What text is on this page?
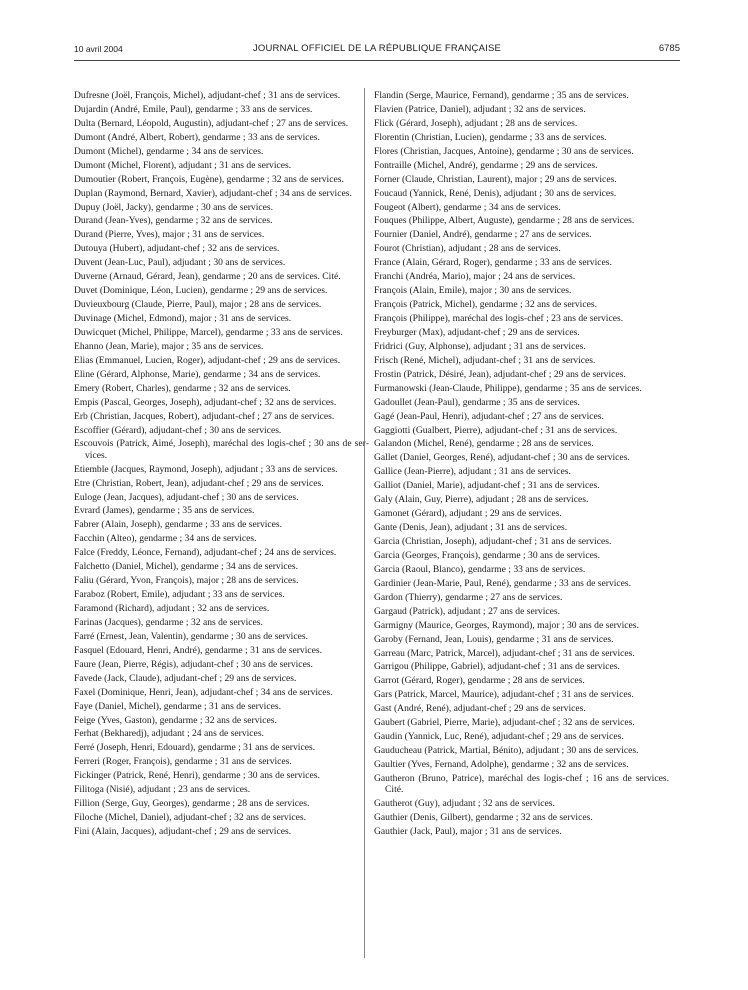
10 avril 2004	JOURNAL OFFICIEL DE LA RÉPUBLIQUE FRANÇAISE	6785
Dufresne (Joël, François, Michel), adjudant-chef ; 31 ans de services.
Dujardin (André, Emile, Paul), gendarme ; 33 ans de services.
Dulta (Bernard, Léopold, Augustin), adjudant-chef ; 27 ans de services.
Dumont (André, Albert, Robert), gendarme ; 33 ans de services.
Dumont (Michel), gendarme ; 34 ans de services.
Dumont (Michel, Florent), adjudant ; 31 ans de services.
Dumoutier (Robert, François, Eugène), gendarme ; 32 ans de services.
Duplan (Raymond, Bernard, Xavier), adjudant-chef ; 34 ans de services.
Dupuy (Joël, Jacky), gendarme ; 30 ans de services.
Durand (Jean-Yves), gendarme ; 32 ans de services.
Durand (Pierre, Yves), major ; 31 ans de services.
Dutouya (Hubert), adjudant-chef ; 32 ans de services.
Duvent (Jean-Luc, Paul), adjudant ; 30 ans de services.
Duverne (Arnaud, Gérard, Jean), gendarme ; 20 ans de services. Cité.
Duvet (Dominique, Léon, Lucien), gendarme ; 29 ans de services.
Duvieuxbourg (Claude, Pierre, Paul), major ; 28 ans de services.
Duvinage (Michel, Edmond), major ; 31 ans de services.
Duwicquet (Michel, Philippe, Marcel), gendarme ; 33 ans de services.
Ehanno (Jean, Marie), major ; 35 ans de services.
Elias (Emmanuel, Lucien, Roger), adjudant-chef ; 29 ans de services.
Eline (Gérard, Alphonse, Marie), gendarme ; 34 ans de services.
Emery (Robert, Charles), gendarme ; 32 ans de services.
Empis (Pascal, Georges, Joseph), adjudant-chef ; 32 ans de services.
Erb (Christian, Jacques, Robert), adjudant-chef ; 27 ans de services.
Escoffier (Gérard), adjudant-chef ; 30 ans de services.
Escouvois (Patrick, Aimé, Joseph), maréchal des logis-chef ; 30 ans de services.
Etiemble (Jacques, Raymond, Joseph), adjudant ; 33 ans de services.
Etre (Christian, Robert, Jean), adjudant-chef ; 29 ans de services.
Euloge (Jean, Jacques), adjudant-chef ; 30 ans de services.
Evrard (James), gendarme ; 35 ans de services.
Fabrer (Alain, Joseph), gendarme ; 33 ans de services.
Facchin (Alteo), gendarme ; 34 ans de services.
Falce (Freddy, Léonce, Fernand), adjudant-chef ; 24 ans de services.
Falchetto (Daniel, Michel), gendarme ; 34 ans de services.
Faliu (Gérard, Yvon, François), major ; 28 ans de services.
Faraboz (Robert, Emile), adjudant ; 33 ans de services.
Faramond (Richard), adjudant ; 32 ans de services.
Farinas (Jacques), gendarme ; 32 ans de services.
Farré (Ernest, Jean, Valentin), gendarme ; 30 ans de services.
Fasquel (Edouard, Henri, André), gendarme ; 31 ans de services.
Faure (Jean, Pierre, Régis), adjudant-chef ; 30 ans de services.
Favede (Jack, Claude), adjudant-chef ; 29 ans de services.
Faxel (Dominique, Henri, Jean), adjudant-chef ; 34 ans de services.
Faye (Daniel, Michel), gendarme ; 31 ans de services.
Feige (Yves, Gaston), gendarme ; 32 ans de services.
Ferhat (Bekharedj), adjudant ; 24 ans de services.
Ferré (Joseph, Henri, Edouard), gendarme ; 31 ans de services.
Ferreri (Roger, François), gendarme ; 31 ans de services.
Fickinger (Patrick, René, Henri), gendarme ; 30 ans de services.
Filitoga (Nisié), adjudant ; 23 ans de services.
Fillion (Serge, Guy, Georges), gendarme ; 28 ans de services.
Filoche (Michel, Daniel), adjudant-chef ; 32 ans de services.
Fini (Alain, Jacques), adjudant-chef ; 29 ans de services.
Flandin (Serge, Maurice, Fernand), gendarme ; 35 ans de services.
Flavien (Patrice, Daniel), adjudant ; 32 ans de services.
Flick (Gérard, Joseph), adjudant ; 28 ans de services.
Florentin (Christian, Lucien), gendarme ; 33 ans de services.
Flores (Christian, Jacques, Antoine), gendarme ; 30 ans de services.
Fontraille (Michel, André), gendarme ; 29 ans de services.
Forner (Claude, Christian, Laurent), major ; 29 ans de services.
Foucaud (Yannick, René, Denis), adjudant ; 30 ans de services.
Fougeot (Albert), gendarme ; 34 ans de services.
Fouques (Philippe, Albert, Auguste), gendarme ; 28 ans de services.
Fournier (Daniel, André), gendarme ; 27 ans de services.
Fourot (Christian), adjudant ; 28 ans de services.
France (Alain, Gérard, Roger), gendarme ; 33 ans de services.
Franchi (Andréa, Mario), major ; 24 ans de services.
François (Alain, Emile), major ; 30 ans de services.
François (Patrick, Michel), gendarme ; 32 ans de services.
François (Philippe), maréchal des logis-chef ; 23 ans de services.
Freyburger (Max), adjudant-chef ; 29 ans de services.
Fridrici (Guy, Alphonse), adjudant ; 31 ans de services.
Frisch (René, Michel), adjudant-chef ; 31 ans de services.
Frostin (Patrick, Désiré, Jean), adjudant-chef ; 29 ans de services.
Furmanowski (Jean-Claude, Philippe), gendarme ; 35 ans de services.
Gadoullet (Jean-Paul), gendarme ; 35 ans de services.
Gagé (Jean-Paul, Henri), adjudant-chef ; 27 ans de services.
Gaggiotti (Gualbert, Pierre), adjudant-chef ; 31 ans de services.
Galandon (Michel, René), gendarme ; 28 ans de services.
Gallet (Daniel, Georges, René), adjudant-chef ; 30 ans de services.
Gallice (Jean-Pierre), adjudant ; 31 ans de services.
Galliot (Daniel, Marie), adjudant-chef ; 31 ans de services.
Galy (Alain, Guy, Pierre), adjudant ; 28 ans de services.
Gamonet (Gérard), adjudant ; 29 ans de services.
Gante (Denis, Jean), adjudant ; 31 ans de services.
Garcia (Christian, Joseph), adjudant-chef ; 31 ans de services.
Garcia (Georges, François), gendarme ; 30 ans de services.
Garcia (Raoul, Blanco), gendarme ; 33 ans de services.
Gardinier (Jean-Marie, Paul, René), gendarme ; 33 ans de services.
Gardon (Thierry), gendarme ; 27 ans de services.
Gargaud (Patrick), adjudant ; 27 ans de services.
Garmigny (Maurice, Georges, Raymond), major ; 30 ans de services.
Garoby (Fernand, Jean, Louis), gendarme ; 31 ans de services.
Garreau (Marc, Patrick, Marcel), adjudant-chef ; 31 ans de services.
Garrigou (Philippe, Gabriel), adjudant-chef ; 31 ans de services.
Garrot (Gérard, Roger), gendarme ; 28 ans de services.
Gars (Patrick, Marcel, Maurice), adjudant-chef ; 31 ans de services.
Gast (André, René), adjudant-chef ; 29 ans de services.
Gaubert (Gabriel, Pierre, Marie), adjudant-chef ; 32 ans de services.
Gaudin (Yannick, Luc, René), adjudant-chef ; 29 ans de services.
Gauducheau (Patrick, Martial, Bénito), adjudant ; 30 ans de services.
Gaultier (Yves, Fernand, Adolphe), gendarme ; 32 ans de services.
Gautheron (Bruno, Patrice), maréchal des logis-chef ; 16 ans de services. Cité.
Gautherot (Guy), adjudant ; 32 ans de services.
Gauthier (Denis, Gilbert), gendarme ; 32 ans de services.
Gauthier (Jack, Paul), major ; 31 ans de services.
